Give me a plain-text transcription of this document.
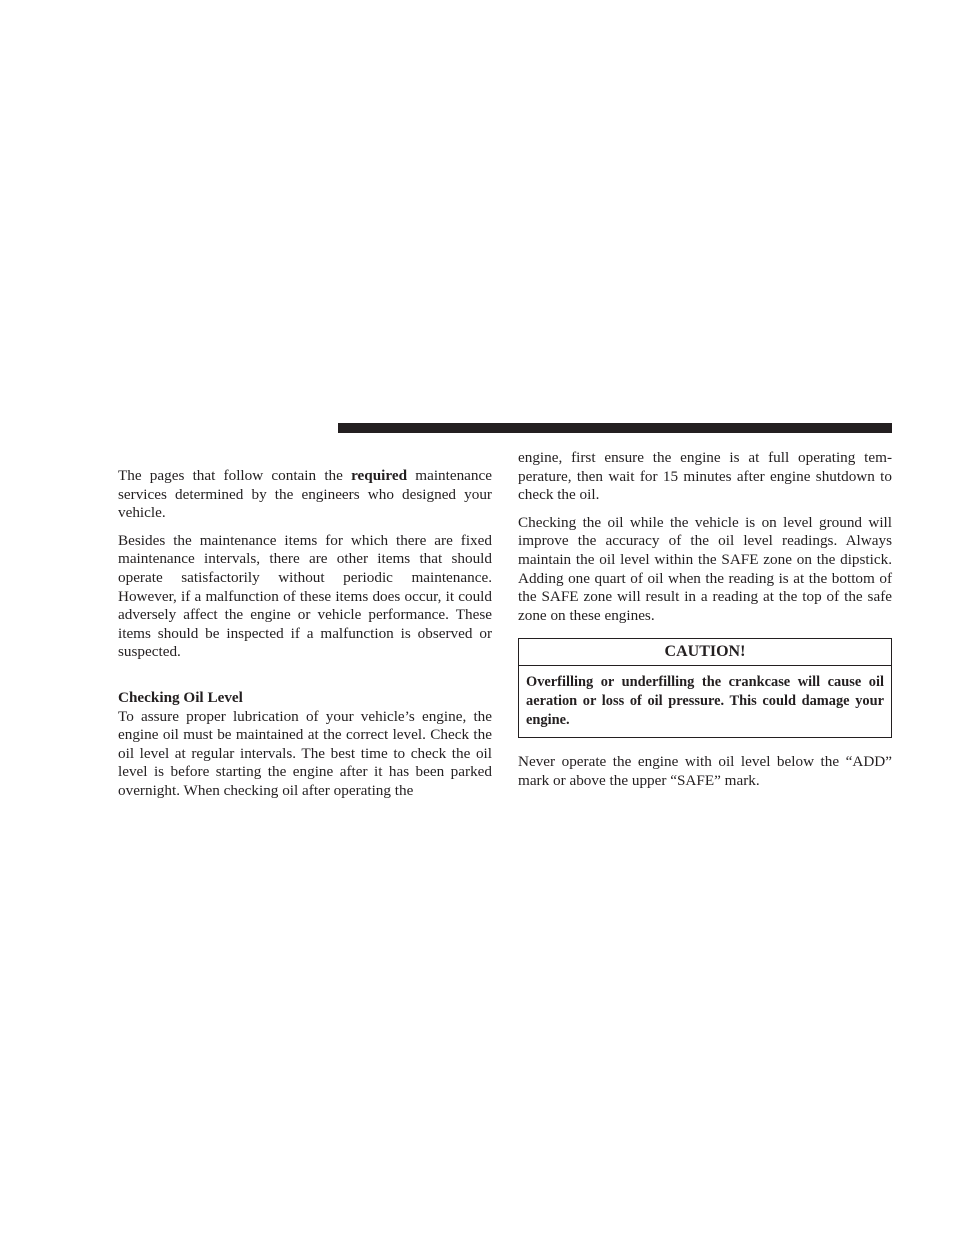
The pages that follow contain the required maintenance services determined by the engineers who designed your vehicle.

Besides the maintenance items for which there are fixed maintenance intervals, there are other items that should operate satisfactorily without periodic maintenance. However, if a malfunction of these items does occur, it could adversely affect the engine or vehicle performance. These items should be inspected if a malfunction is observed or suspected.

Checking Oil Level

To assure proper lubrication of your vehicle’s engine, the engine oil must be maintained at the correct level. Check the oil level at regular intervals. The best time to check the oil level is before starting the engine after it has been parked overnight. When checking oil after operating the

engine, first ensure the engine is at full operating temperature, then wait for 15 minutes after engine shutdown to check the oil.

Checking the oil while the vehicle is on level ground will improve the accuracy of the oil level readings. Always maintain the oil level within the SAFE zone on the dipstick. Adding one quart of oil when the reading is at the bottom of the SAFE zone will result in a reading at the top of the safe zone on these engines.

CAUTION!
Overfilling or underfilling the crankcase will cause oil aeration or loss of oil pressure. This could damage your engine.

Never operate the engine with oil level below the “ADD” mark or above the upper “SAFE” mark.
